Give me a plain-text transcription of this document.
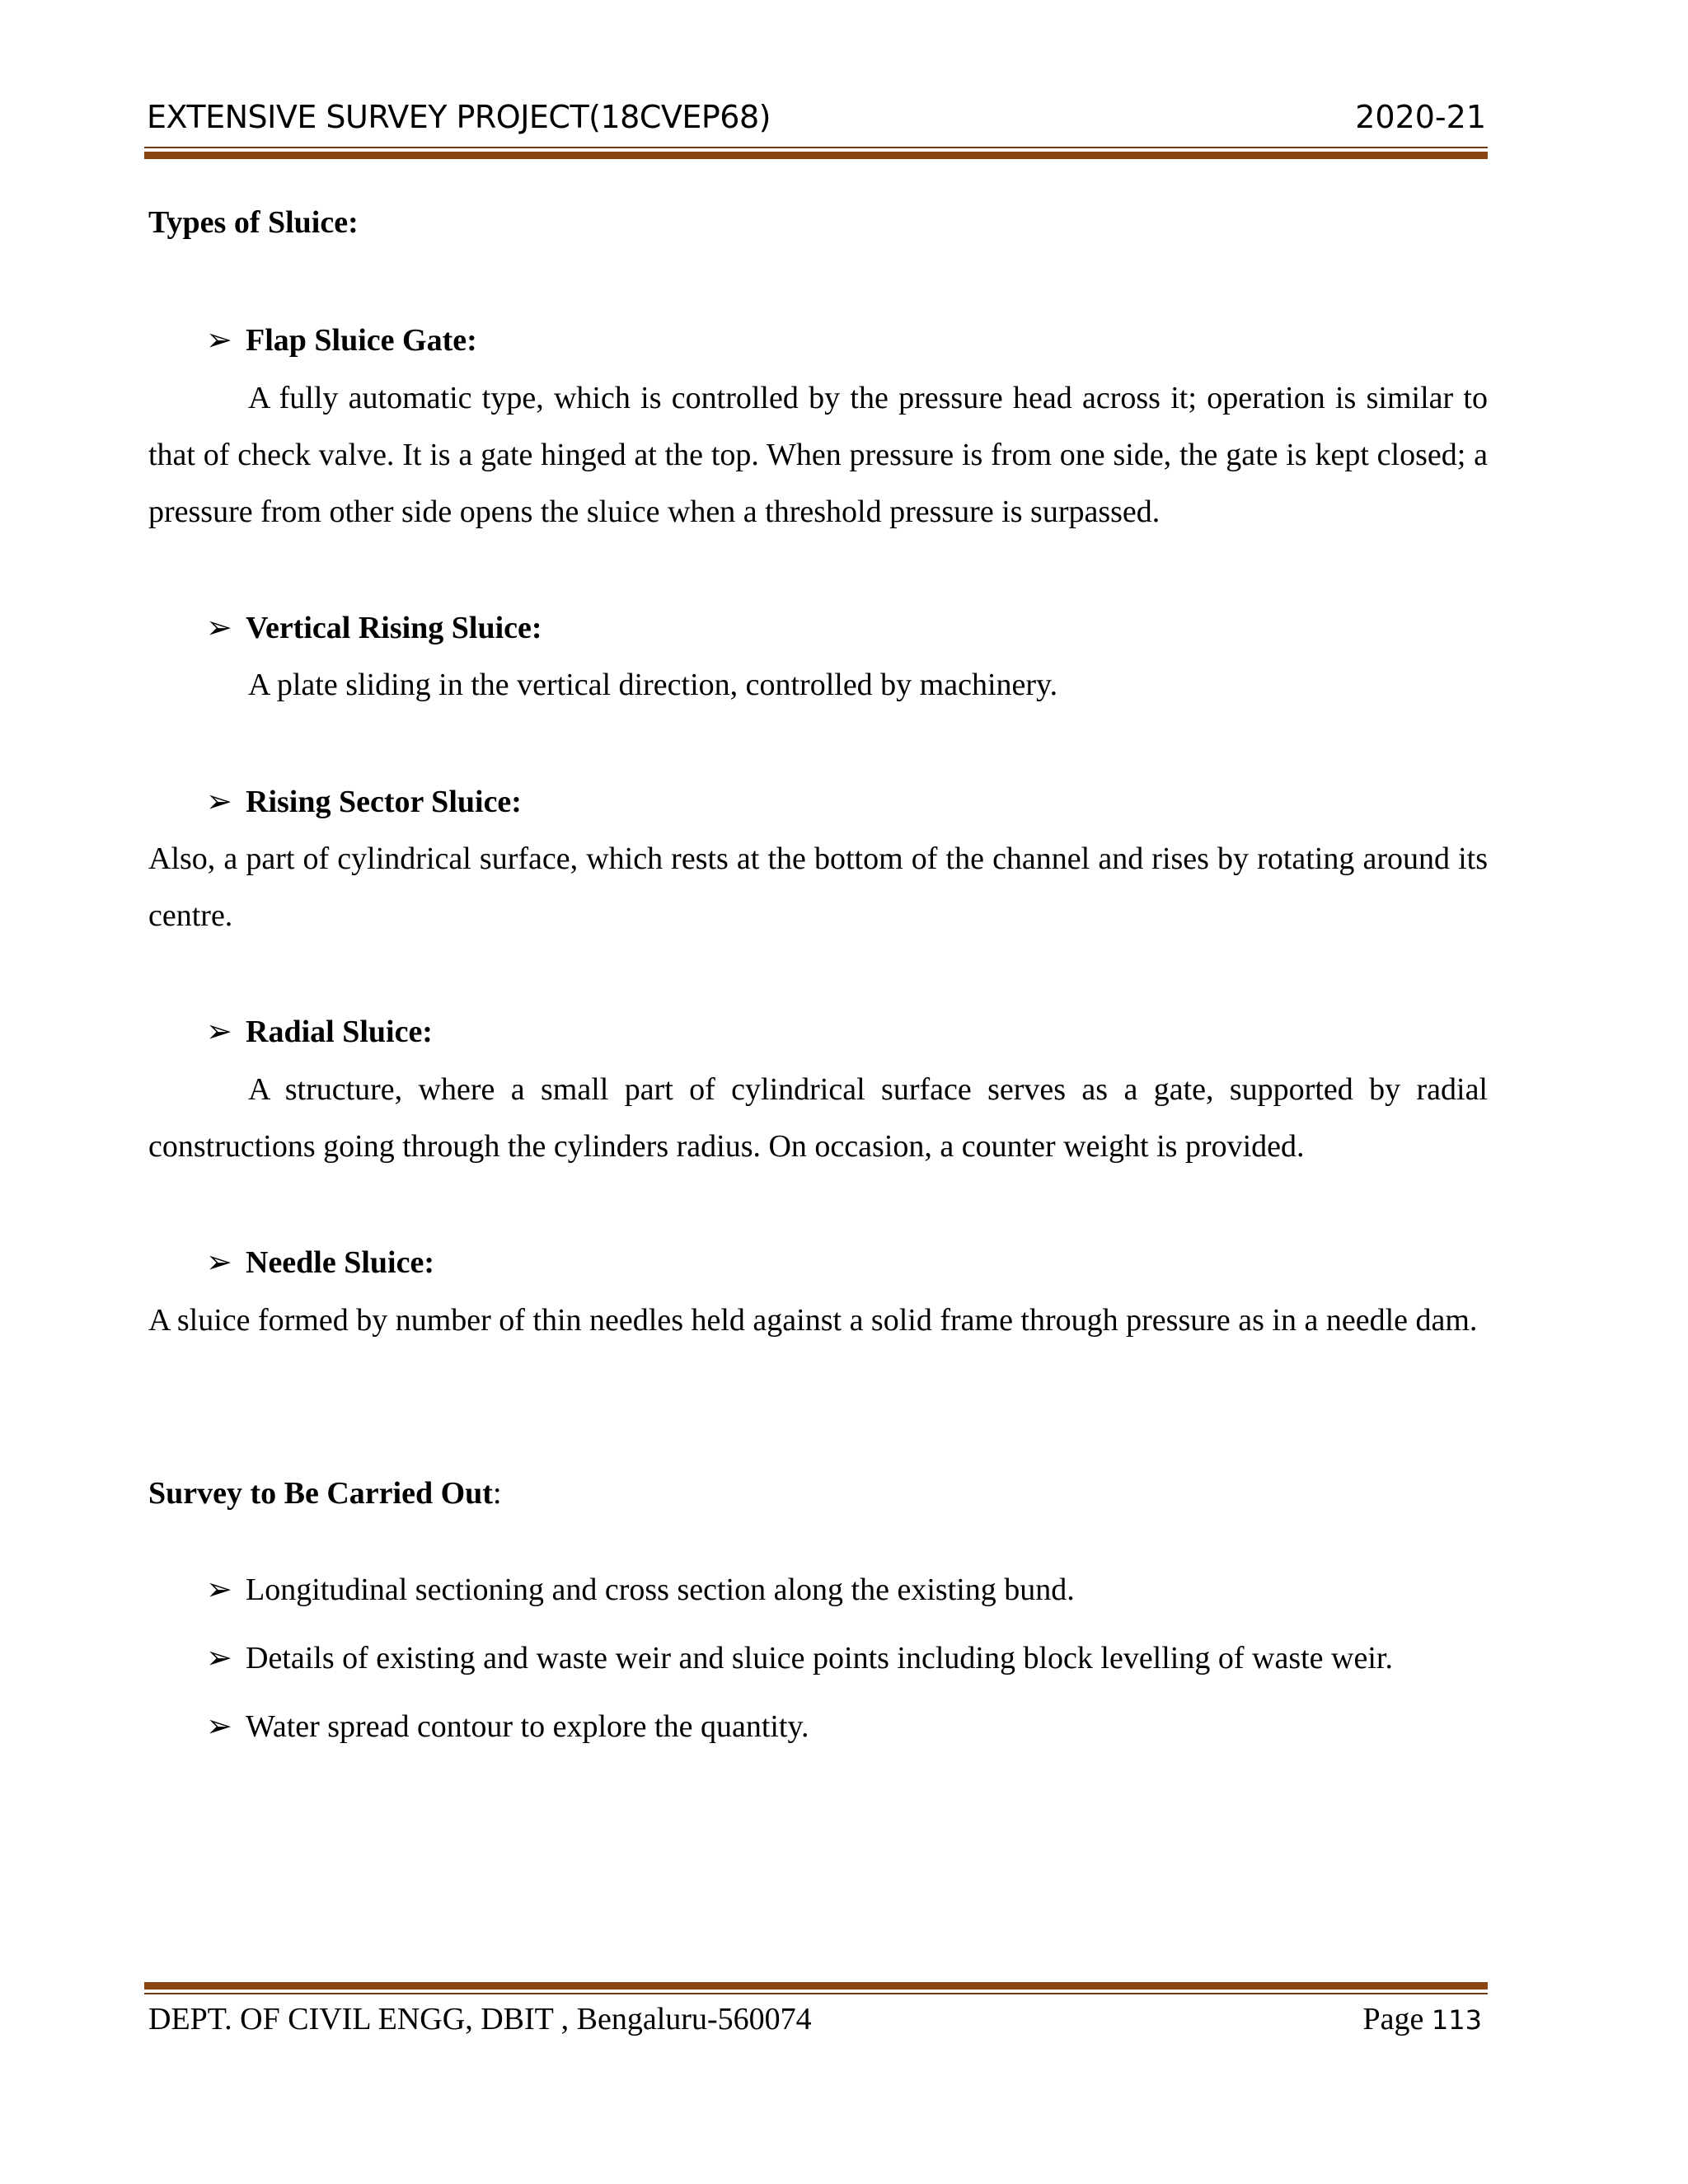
EXTENSIVE SURVEY PROJECT(18CVEP68)	2020-21
Types of Sluice:
➢ Flap Sluice Gate:

A fully automatic type, which is controlled by the pressure head across it; operation is similar to that of check valve. It is a gate hinged at the top. When pressure is from one side, the gate is kept closed; a pressure from other side opens the sluice when a threshold pressure is surpassed.

➢ Vertical Rising Sluice:

A plate sliding in the vertical direction, controlled by machinery.

➢ Rising Sector Sluice:

Also, a part of cylindrical surface, which rests at the bottom of the channel and rises by rotating around its centre.

➢ Radial Sluice:

A structure, where a small part of cylindrical surface serves as a gate, supported by radial constructions going through the cylinders radius. On occasion, a counter weight is provided.

➢ Needle Sluice:

A sluice formed by number of thin needles held against a solid frame through pressure as in a needle dam.

Survey to Be Carried Out:
➢ Longitudinal sectioning and cross section along the existing bund.
➢ Details of existing and waste weir and sluice points including block levelling of waste weir.
➢ Water spread contour to explore the quantity.
DEPT. OF CIVIL ENGG, DBIT , Bengaluru-560074	Page 113
